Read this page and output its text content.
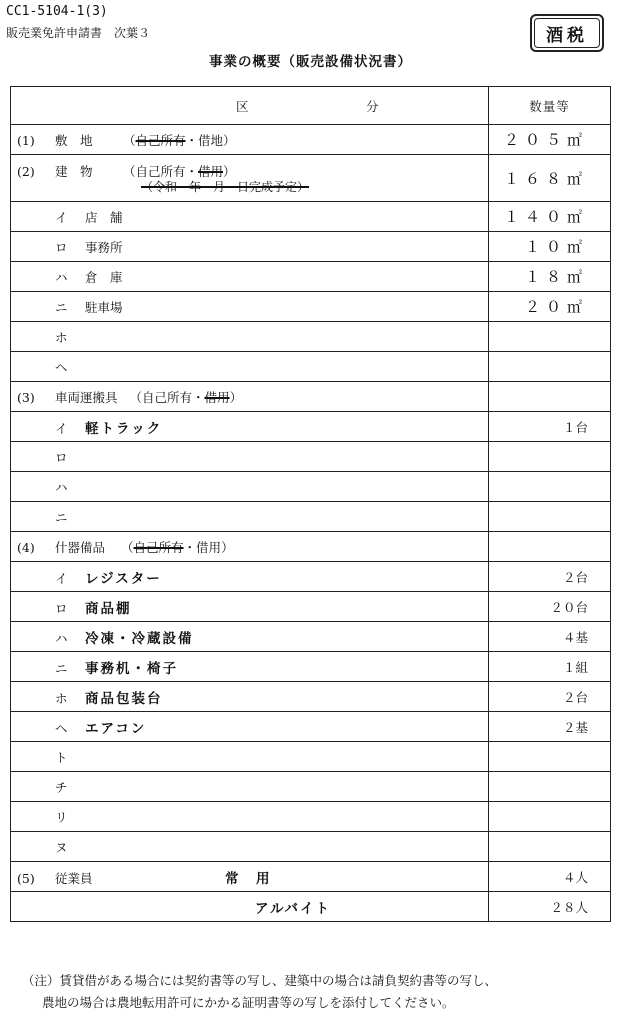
CC1-5104-1(3)
販売業免許申請書　次葉３
事業の概要（販売設備状況書）
酒税
区 分	数量等
(1) 敷　地 （自己所有・借地）	２０５㎡
(2) 建　物 （自己所有・借用）
（令和　年　月　日完成予定）	１６８㎡
イ 店　舗	１４０㎡
ロ 事務所	１０㎡
ハ 倉　庫	１８㎡
ニ 駐車場	２０㎡
ホ	
ヘ	
(3) 車両運搬具 （自己所有・借用）	
イ 軽トラック	１台
ロ	
ハ	
ニ	
(4) 什器備品 （自己所有・借用）	
イ レジスター	２台
ロ 商品棚	２０台
ハ 冷凍・冷蔵設備	４基
ニ 事務机・椅子	１組
ホ 商品包装台	２台
ヘ エアコン	２基
ト	
チ	
リ	
ヌ	
(5) 従業員 常　用	４人
アルバイト	２８人
（注）賃貸借がある場合には契約書等の写し、建築中の場合は請負契約書等の写し、
農地の場合は農地転用許可にかかる証明書等の写しを添付してください。
